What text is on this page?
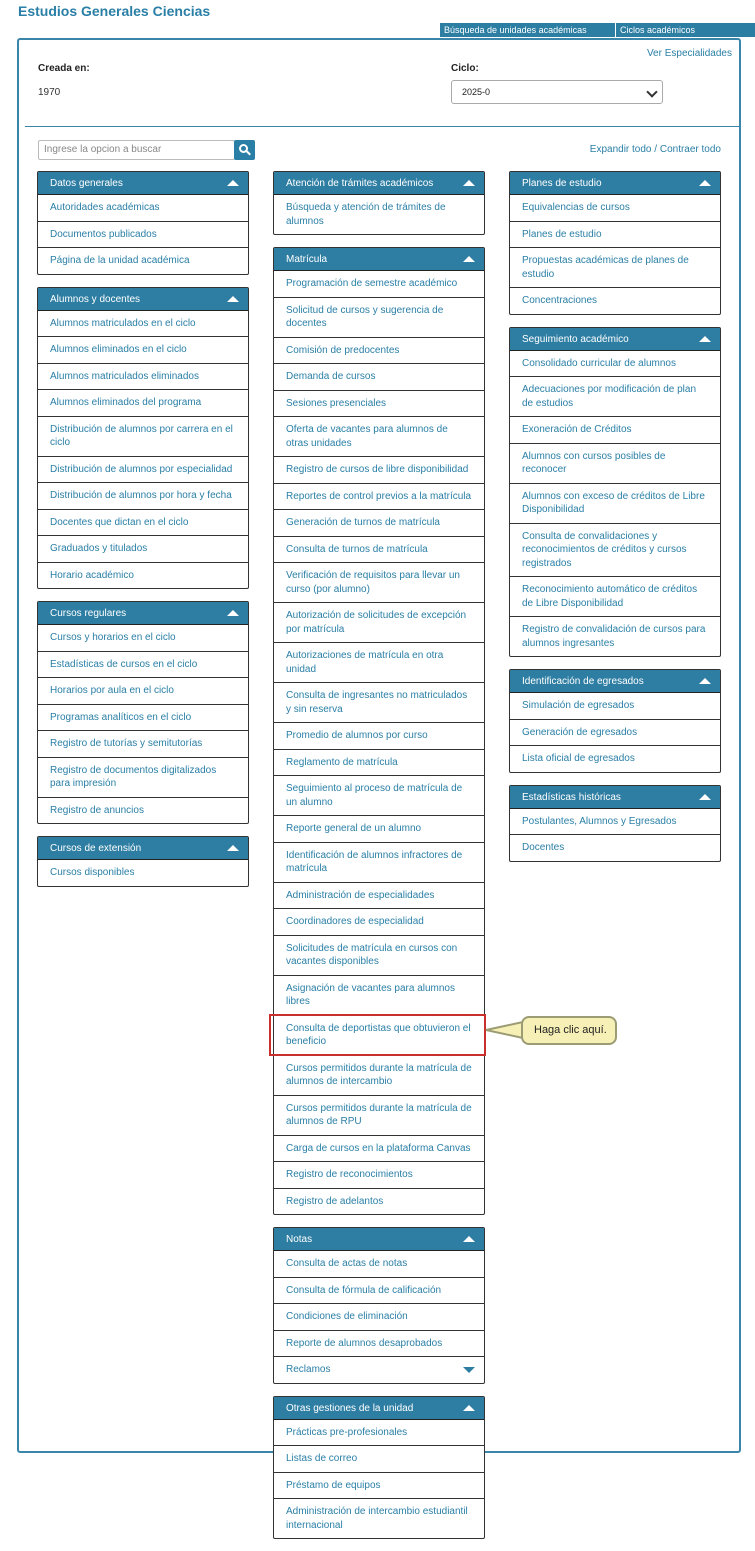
Estudios Generales Ciencias
Búsqueda de unidades académicas	Ciclos académicos
Ver Especialidades
Creada en:
1970
Ciclo:
2025-0
Ingrese la opcion a buscar	Expandir todo / Contraer todo
Datos generales
Autoridades académicas
Documentos publicados
Página de la unidad académica
Alumnos y docentes
Alumnos matriculados en el ciclo
Alumnos eliminados en el ciclo
Alumnos matriculados eliminados
Alumnos eliminados del programa
Distribución de alumnos por carrera en el ciclo
Distribución de alumnos por especialidad
Distribución de alumnos por hora y fecha
Docentes que dictan en el ciclo
Graduados y titulados
Horario académico
Cursos regulares
Cursos y horarios en el ciclo
Estadísticas de cursos en el ciclo
Horarios por aula en el ciclo
Programas analíticos en el ciclo
Registro de tutorías y semitutorías
Registro de documentos digitalizados para impresión
Registro de anuncios
Cursos de extensión
Cursos disponibles
Atención de trámites académicos
Búsqueda y atención de trámites de alumnos
Matrícula
Programación de semestre académico
Solicitud de cursos y sugerencia de docentes
Comisión de predocentes
Demanda de cursos
Sesiones presenciales
Oferta de vacantes para alumnos de otras unidades
Registro de cursos de libre disponibilidad
Reportes de control previos a la matrícula
Generación de turnos de matrícula
Consulta de turnos de matrícula
Verificación de requisitos para llevar un curso (por alumno)
Autorización de solicitudes de excepción por matrícula
Autorizaciones de matrícula en otra unidad
Consulta de ingresantes no matriculados y sin reserva
Promedio de alumnos por curso
Reglamento de matrícula
Seguimiento al proceso de matrícula de un alumno
Reporte general de un alumno
Identificación de alumnos infractores de matrícula
Administración de especialidades
Coordinadores de especialidad
Solicitudes de matrícula en cursos con vacantes disponibles
Asignación de vacantes para alumnos libres
Consulta de deportistas que obtuvieron el beneficio
Cursos permitidos durante la matrícula de alumnos de intercambio
Cursos permitidos durante la matrícula de alumnos de RPU
Carga de cursos en la plataforma Canvas
Registro de reconocimientos
Registro de adelantos
Notas
Consulta de actas de notas
Consulta de fórmula de calificación
Condiciones de eliminación
Reporte de alumnos desaprobados
Reclamos
Otras gestiones de la unidad
Prácticas pre-profesionales
Listas de correo
Préstamo de equipos
Administración de intercambio estudiantil internacional
Planes de estudio
Equivalencias de cursos
Planes de estudio
Propuestas académicas de planes de estudio
Concentraciones
Seguimiento académico
Consolidado curricular de alumnos
Adecuaciones por modificación de plan de estudios
Exoneración de Créditos
Alumnos con cursos posibles de reconocer
Alumnos con exceso de créditos de Libre Disponibilidad
Consulta de convalidaciones y reconocimientos de créditos y cursos registrados
Reconocimiento automático de créditos de Libre Disponibilidad
Registro de convalidación de cursos para alumnos ingresantes
Identificación de egresados
Simulación de egresados
Generación de egresados
Lista oficial de egresados
Estadísticas históricas
Postulantes, Alumnos y Egresados
Docentes
Haga clic aquí.
